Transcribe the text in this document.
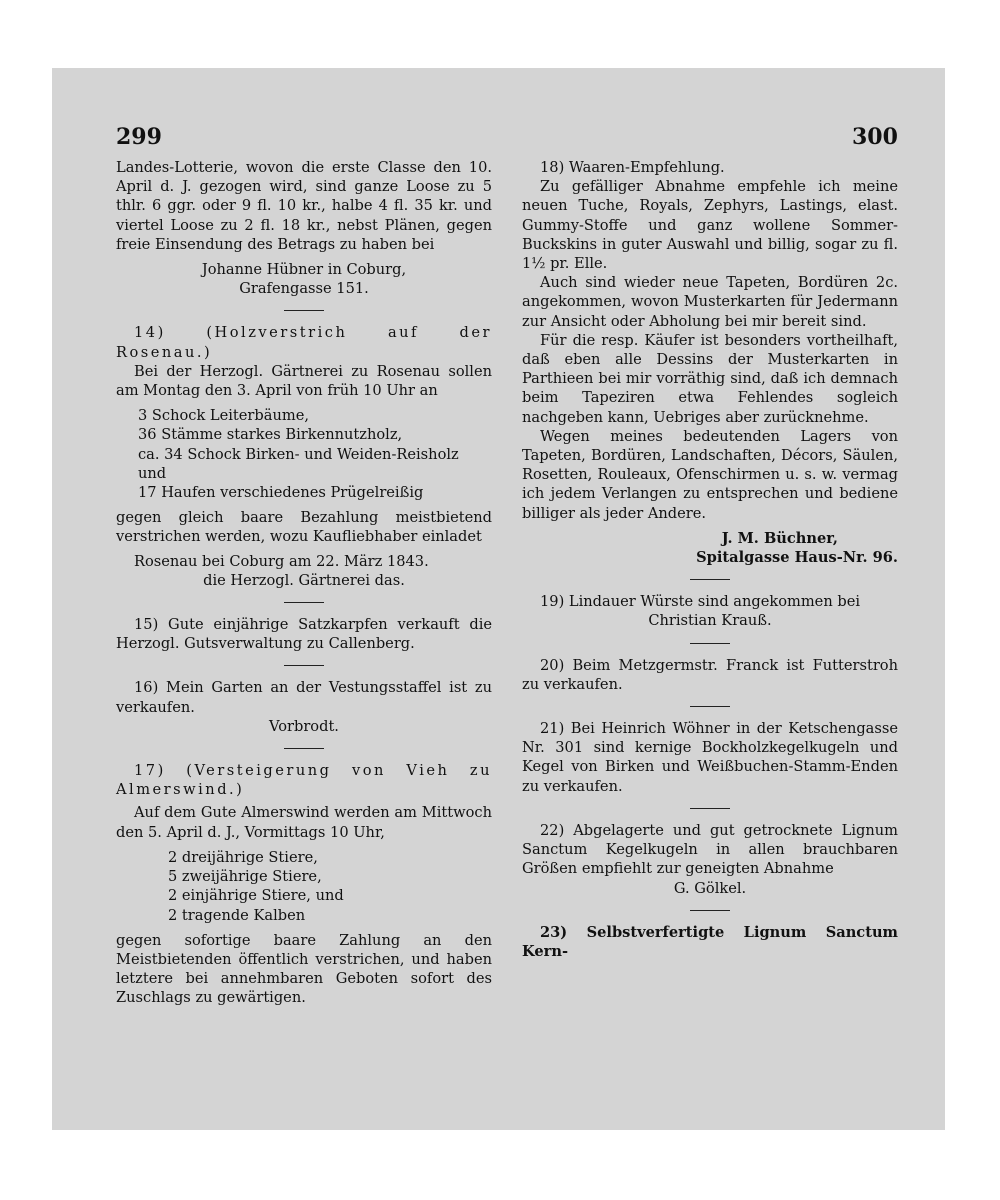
299	300

Landes-Lotterie, wovon die erste Classe den 10. April d. J. gezogen wird, sind ganze Loose zu 5 thlr. 6 ggr. oder 9 fl. 10 kr., halbe 4 fl. 35 kr. und viertel Loose zu 2 fl. 18 kr., nebst Plänen, gegen freie Einsendung des Betrags zu haben bei

Johanne Hübner in Coburg,

Grafengasse 151.

14) (Holzverstrich auf der Rosenau.)

Bei der Herzogl. Gärtnerei zu Rosenau sollen am Montag den 3. April von früh 10 Uhr an

3 Schock Leiterbäume,

36 Stämme starkes Birkennutzholz,

ca. 34 Schock Birken- und Weiden-Reisholz

und

17 Haufen verschiedenes Prügelreißig

gegen gleich baare Bezahlung meistbietend verstrichen werden, wozu Kaufliebhaber einladet

Rosenau bei Coburg am 22. März 1843.

die Herzogl. Gärtnerei das.

15) Gute einjährige Satzkarpfen verkauft die Herzogl. Gutsverwaltung zu Callenberg.

16) Mein Garten an der Vestungsstaffel ist zu verkaufen.

Vorbrodt.

17) (Versteigerung von Vieh zu Almerswind.)

Auf dem Gute Almerswind werden am Mittwoch den 5. April d. J., Vormittags 10 Uhr,

2 dreijährige Stiere,

5 zweijährige Stiere,

2 einjährige Stiere, und

2 tragende Kalben

gegen sofortige baare Zahlung an den Meistbietenden öffentlich verstrichen, und haben letztere bei annehmbaren Geboten sofort des Zuschlags zu gewärtigen.

18) Waaren-Empfehlung.

Zu gefälliger Abnahme empfehle ich meine neuen Tuche, Royals, Zephyrs, Lastings, elast. Gummy-Stoffe und ganz wollene Sommer-Buckskins in guter Auswahl und billig, sogar zu fl. 1½ pr. Elle.

Auch sind wieder neue Tapeten, Bordüren 2c. angekommen, wovon Musterkarten für Jedermann zur Ansicht oder Abholung bei mir bereit sind.

Für die resp. Käufer ist besonders vortheilhaft, daß eben alle Dessins der Musterkarten in Parthieen bei mir vorräthig sind, daß ich demnach beim Tapeziren etwa Fehlendes sogleich nachgeben kann, Uebriges aber zurücknehme.

Wegen meines bedeutenden Lagers von Tapeten, Bordüren, Landschaften, Décors, Säulen, Rosetten, Rouleaux, Ofenschirmen u. s. w. vermag ich jedem Verlangen zu entsprechen und bediene billiger als jeder Andere.

J. M. Büchner,

Spitalgasse Haus-Nr. 96.

19) Lindauer Würste sind angekommen bei

Christian Krauß.

20) Beim Metzgermstr. Franck ist Futterstroh zu verkaufen.

21) Bei Heinrich Wöhner in der Ketschengasse Nr. 301 sind kernige Bockholzkegelkugeln und Kegel von Birken und Weißbuchen-Stamm-Enden zu verkaufen.

22) Abgelagerte und gut getrocknete Lignum Sanctum Kegelkugeln in allen brauchbaren Größen empfiehlt zur geneigten Abnahme

G. Gölkel.

23) Selbstverfertigte Lignum Sanctum Kern-
